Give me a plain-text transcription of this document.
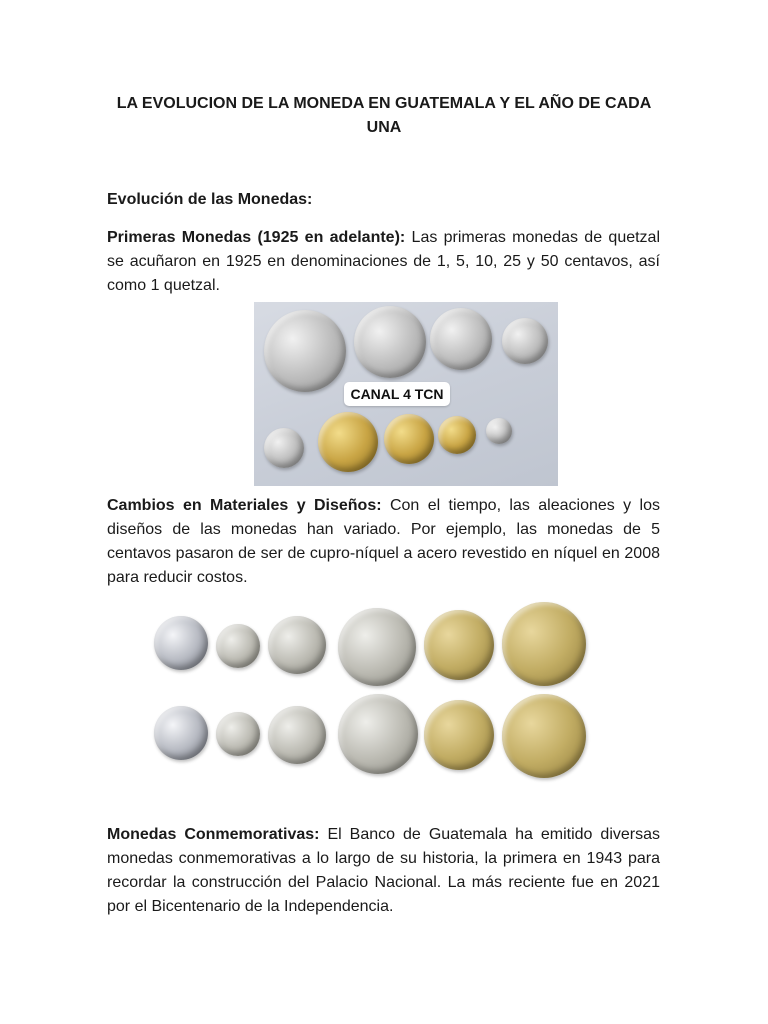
LA EVOLUCION DE LA MONEDA EN GUATEMALA Y EL AÑO DE CADA UNA
Evolución de las Monedas:

Primeras Monedas (1925 en adelante): Las primeras monedas de quetzal se acuñaron en 1925 en denominaciones de 1, 5, 10, 25 y 50 centavos, así como 1 quetzal.

CANAL 4 TCN

Cambios en Materiales y Diseños: Con el tiempo, las aleaciones y los diseños de las monedas han variado. Por ejemplo, las monedas de 5 centavos pasaron de ser de cupro-níquel a acero revestido en níquel en 2008 para reducir costos.

Monedas Conmemorativas: El Banco de Guatemala ha emitido diversas monedas conmemorativas a lo largo de su historia, la primera en 1943 para recordar la construcción del Palacio Nacional. La más reciente fue en 2021 por el Bicentenario de la Independencia.
